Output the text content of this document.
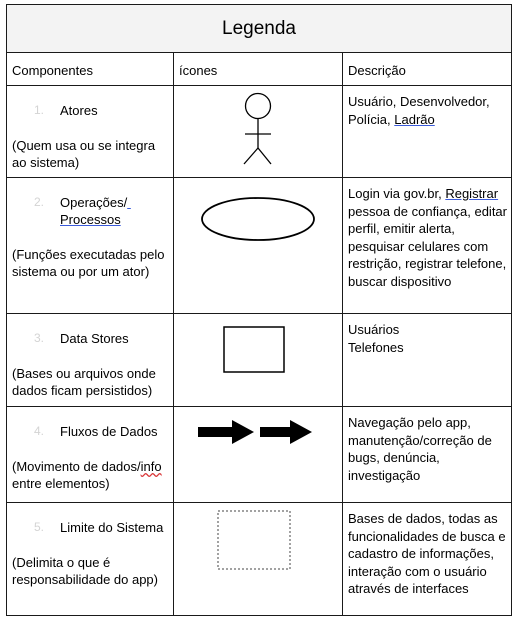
Legenda		
Componentes	ícones	Descrição

1. Atores
(Quem usa ou se integra ao sistema)		Usuário, Desenvolvedor,
Polícia, Ladrão

2. Operações/
Processos
(Funções executadas pelo sistema ou por um ator)		Login via gov.br, Registrar pessoa de confiança, editar perfil, emitir alerta, pesquisar celulares com restrição, registrar telefone, buscar dispositivo

3. Data Stores
(Bases ou arquivos onde dados ficam persistidos)		Usuários
Telefones

4. Fluxos de Dados
(Movimento de dados/info entre elementos)		Navegação pelo app, manutenção/correção de bugs, denúncia, investigação

5. Limite do Sistema
(Delimita o que é responsabilidade do app)		Bases de dados, todas as funcionalidades de busca e cadastro de informações, interação com o usuário através de interfaces
